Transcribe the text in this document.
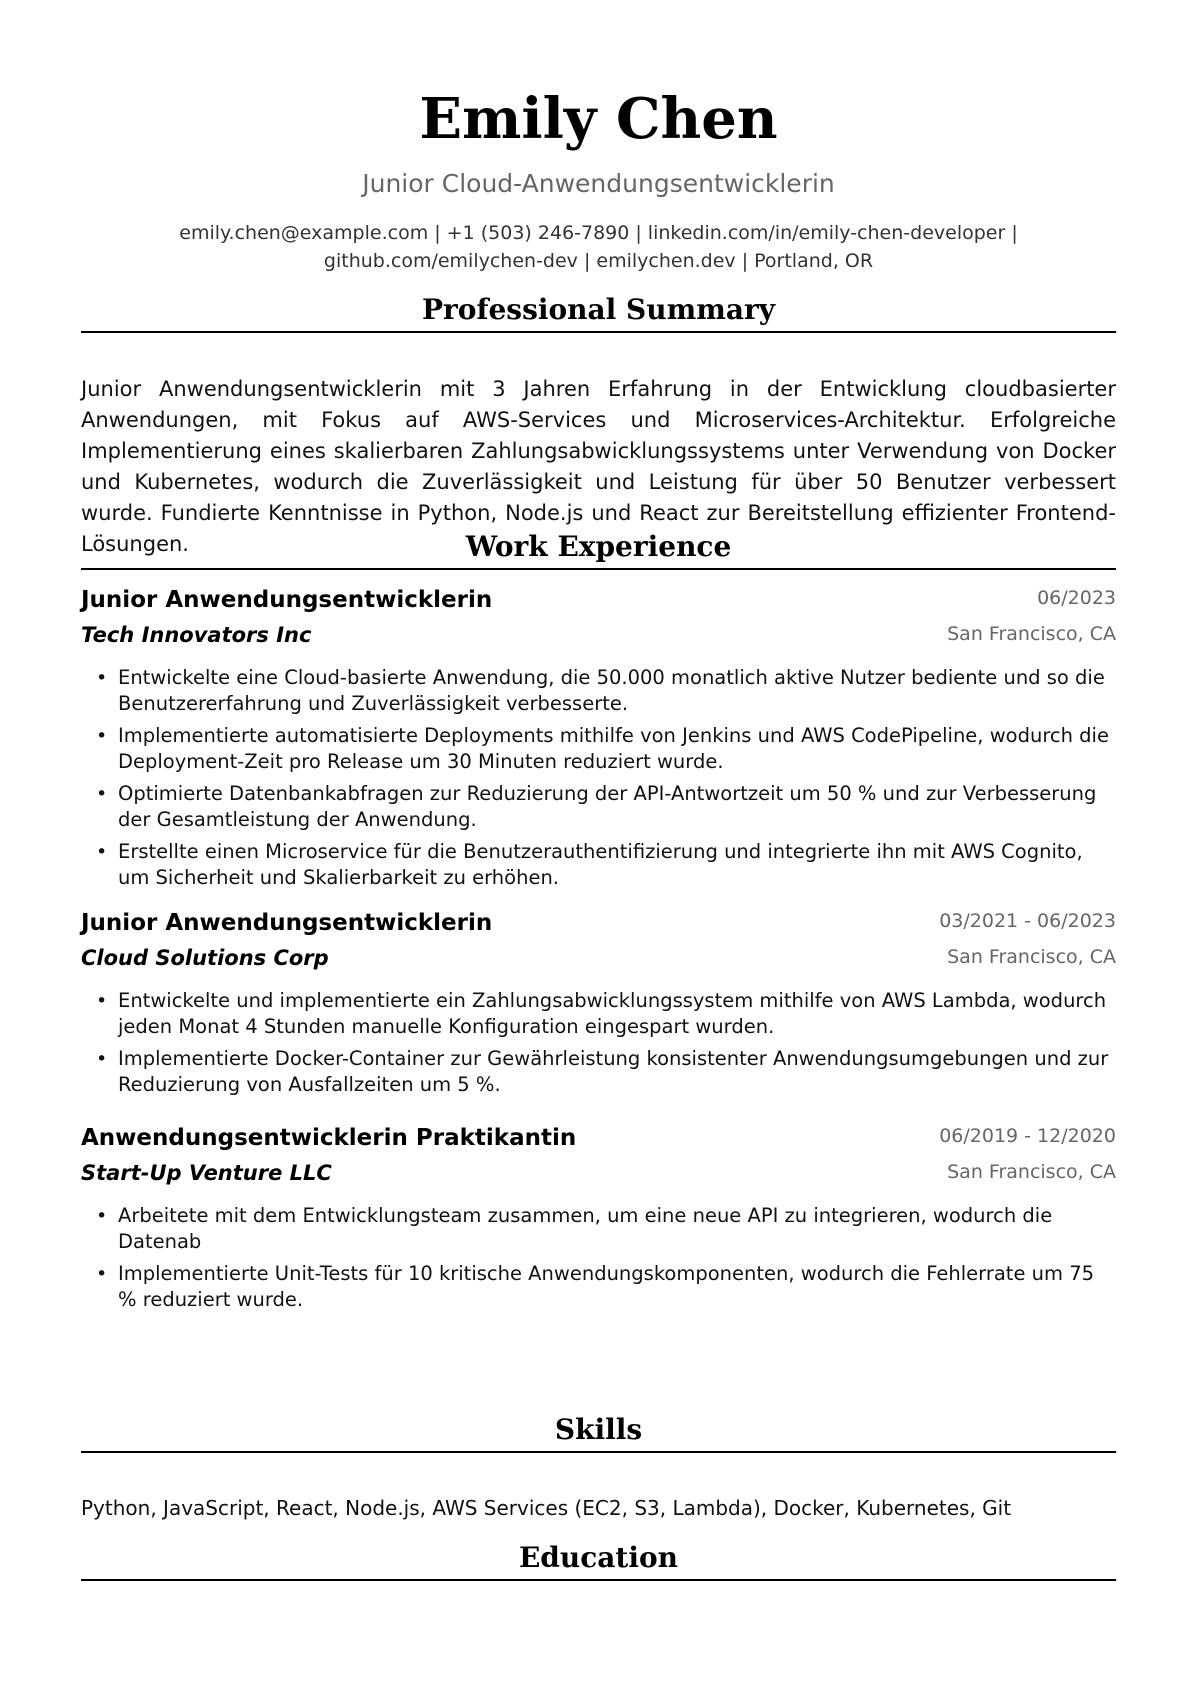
Emily Chen
Junior Cloud-Anwendungsentwicklerin
emily.chen@example.com | +1 (503) 246-7890 | linkedin.com/in/emily-chen-developer |
github.com/emilychen-dev | emilychen.dev | Portland, OR
Professional Summary
Junior Anwendungsentwicklerin mit 3 Jahren Erfahrung in der Entwicklung cloudbasierter Anwendungen, mit Fokus auf AWS-Services und Microservices-Architektur. Erfolgreiche Implementierung eines skalierbaren Zahlungsabwicklungssystems unter Verwendung von Docker und Kubernetes, wodurch die Zuverlässigkeit und Leistung für über 50 Benutzer verbessert wurde. Fundierte Kenntnisse in Python, Node.js und React zur Bereitstellung effizienter Frontend-Lösungen.	Work Experience
Junior Anwendungsentwicklerin	06/2023
Tech Innovators Inc	San Francisco, CA
• Entwickelte eine Cloud-basierte Anwendung, die 50.000 monatlich aktive Nutzer bediente und so die Benutzererfahrung und Zuverlässigkeit verbesserte.
• Implementierte automatisierte Deployments mithilfe von Jenkins und AWS CodePipeline, wodurch die Deployment-Zeit pro Release um 30 Minuten reduziert wurde.
• Optimierte Datenbankabfragen zur Reduzierung der API-Antwortzeit um 50 % und zur Verbesserung der Gesamtleistung der Anwendung.
• Erstellte einen Microservice für die Benutzerauthentifizierung und integrierte ihn mit AWS Cognito, um Sicherheit und Skalierbarkeit zu erhöhen.
Junior Anwendungsentwicklerin	03/2021 - 06/2023
Cloud Solutions Corp	San Francisco, CA
• Entwickelte und implementierte ein Zahlungsabwicklungssystem mithilfe von AWS Lambda, wodurch jeden Monat 4 Stunden manuelle Konfiguration eingespart wurden.
• Implementierte Docker-Container zur Gewährleistung konsistenter Anwendungsumgebungen und zur Reduzierung von Ausfallzeiten um 5 %.
Anwendungsentwicklerin Praktikantin	06/2019 - 12/2020
Start-Up Venture LLC	San Francisco, CA
• Arbeitete mit dem Entwicklungsteam zusammen, um eine neue API zu integrieren, wodurch die Datenab
• Implementierte Unit-Tests für 10 kritische Anwendungskomponenten, wodurch die Fehlerrate um 75 % reduziert wurde.
Skills
Python, JavaScript, React, Node.js, AWS Services (EC2, S3, Lambda), Docker, Kubernetes, Git
Education
